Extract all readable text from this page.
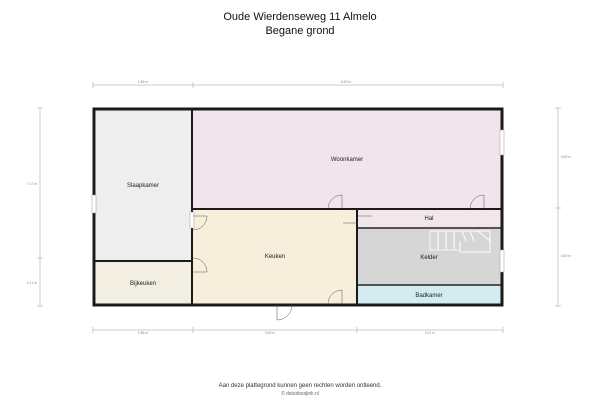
Oude Wierdenseweg 11 Almelo
Begane grond
1.86 m	6.60 m
1.86 m	3.45 m	3.21 m
7.17 m
2.11 m
3.63 m
3.50 m
Woonkamer
Slaapkamer
Hal
Keuken	Kelder
Bijkeuken
Badkamer
Aan deze plattegrond kunnen geen rechten worden ontleend.
© dstudiooijink.nl
